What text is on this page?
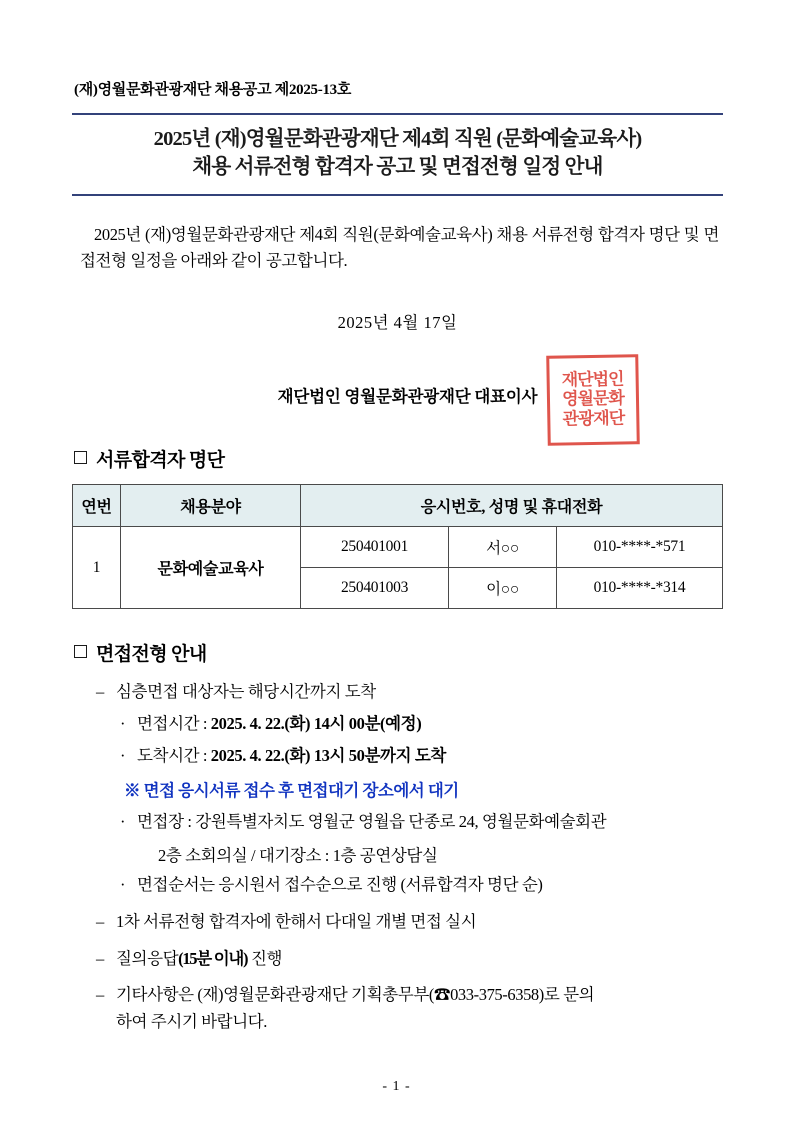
(재)영월문화관광재단 채용공고 제2025-13호
2025년 (재)영월문화관광재단 제4회 직원 (문화예술교육사)
채용 서류전형 합격자 공고 및 면접전형 일정 안내

2025년 (재)영월문화관광재단 제4회 직원(문화예술교육사) 채용 서류전형 합격자 명단 및 면접전형 일정을 아래와 같이 공고합니다.

2025년 4월 17일
재단법인 영월문화관광재단 대표이사
재단법인
영월문화
관광재단
서류합격자 명단
연번	채용분야	응시번호, 성명 및 휴대전화		
1	문화예술교육사	250401001	서○○	010-****-*571
		250401003	이○○	010-****-*314
면접전형 안내
– 심층면접 대상자는 해당시간까지 도착
· 면접시간 : 2025. 4. 22.(화) 14시 00분(예정)
· 도착시간 : 2025. 4. 22.(화) 13시 50분까지 도착
※ 면접 응시서류 접수 후 면접대기 장소에서 대기
· 면접장 : 강원특별자치도 영월군 영월읍 단종로 24, 영월문화예술회관
2층 소회의실 / 대기장소 : 1층 공연상담실
· 면접순서는 응시원서 접수순으로 진행 (서류합격자 명단 순)
– 1차 서류전형 합격자에 한해서 다대일 개별 면접 실시
– 질의응답(15분 이내) 진행
– 기타사항은 (재)영월문화관광재단 기획총무부(☎033-375-6358)로 문의
하여 주시기 바랍니다.
- 1 -
